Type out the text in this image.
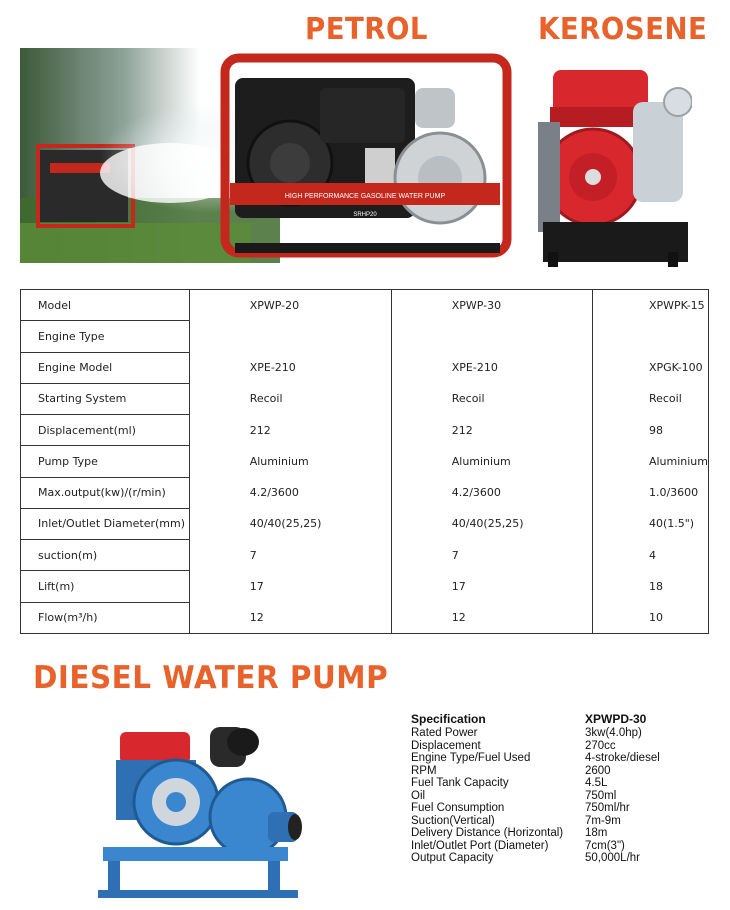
PETROL	KEROSENE
HIGH PERFORMANCE GASOLINE WATER PUMP
SRHP20
Model	XPWP-20	XPWP-30	XPWPK-15
Engine Type			
Engine Model	XPE-210	XPE-210	XPGK-100
Starting System	Recoil	Recoil	Recoil
Displacement(ml)	212	212	98
Pump Type	Aluminium	Aluminium	Aluminium
Max.output(kw)/(r/min)	4.2/3600	4.2/3600	1.0/3600
Inlet/Outlet Diameter(mm)	40/40(25,25)	40/40(25,25)	40(1.5")
suction(m)	7	7	4
Lift(m)	17	17	18
Flow(m³/h)	12	12	10
DIESEL WATER PUMP
Specification	XPWPD-30
Rated Power	3kw(4.0hp)
Displacement	270cc
Engine Type/Fuel Used	4-stroke/diesel
RPM	2600
Fuel Tank Capacity	4.5L
Oil	750ml
Fuel Consumption	750ml/hr
Suction(Vertical)	7m-9m
Delivery Distance (Horizontal)	18m
Inlet/Outlet Port (Diameter)	7cm(3")
Output Capacity	50,000L/hr
